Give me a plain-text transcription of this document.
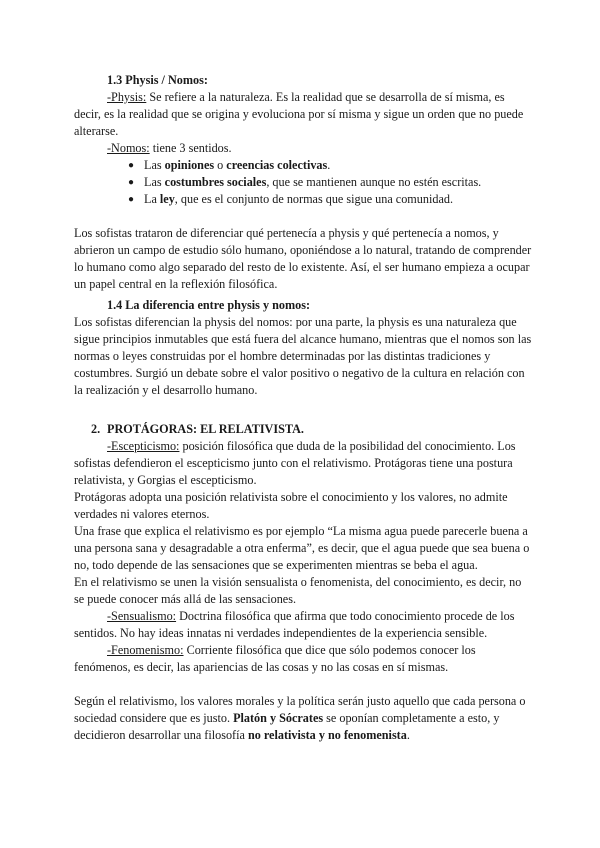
1.3 Physis / Nomos:

-Physis: Se refiere a la naturaleza. Es la realidad que se desarrolla de sí misma, es

decir, es la realidad que se origina y evoluciona por sí misma y sigue un orden que no puede

alterarse.

-Nomos: tiene 3 sentidos.

● Las opiniones o creencias colectivas.

● Las costumbres sociales, que se mantienen aunque no estén escritas.

● La ley, que es el conjunto de normas que sigue una comunidad.

Los sofistas trataron de diferenciar qué pertenecía a physis y qué pertenecía a nomos, y

abrieron un campo de estudio sólo humano, oponiéndose a lo natural, tratando de comprender

lo humano como algo separado del resto de lo existente. Así, el ser humano empieza a ocupar

un papel central en la reflexión filosófica.

1.4 La diferencia entre physis y nomos:

Los sofistas diferencian la physis del nomos: por una parte, la physis es una naturaleza que

sigue principios inmutables que está fuera del alcance humano, mientras que el nomos son las

normas o leyes construidas por el hombre determinadas por las distintas tradiciones y

costumbres. Surgió un debate sobre el valor positivo o negativo de la cultura en relación con

la realización y el desarrollo humano.

2. PROTÁGORAS: EL RELATIVISTA.

-Escepticismo: posición filosófica que duda de la posibilidad del conocimiento. Los

sofistas defendieron el escepticismo junto con el relativismo. Protágoras tiene una postura

relativista, y Gorgias el escepticismo.

Protágoras adopta una posición relativista sobre el conocimiento y los valores, no admite

verdades ni valores eternos.

Una frase que explica el relativismo es por ejemplo “La misma agua puede parecerle buena a

una persona sana y desagradable a otra enferma”, es decir, que el agua puede que sea buena o

no, todo depende de las sensaciones que se experimenten mientras se beba el agua.

En el relativismo se unen la visión sensualista o fenomenista, del conocimiento, es decir, no

se puede conocer más allá de las sensaciones.

-Sensualismo: Doctrina filosófica que afirma que todo conocimiento procede de los

sentidos. No hay ideas innatas ni verdades independientes de la experiencia sensible.

-Fenomenismo: Corriente filosófica que dice que sólo podemos conocer los

fenómenos, es decir, las apariencias de las cosas y no las cosas en sí mismas.

Según el relativismo, los valores morales y la política serán justo aquello que cada persona o

sociedad considere que es justo. Platón y Sócrates se oponían completamente a esto, y

decidieron desarrollar una filosofía no relativista y no fenomenista.
